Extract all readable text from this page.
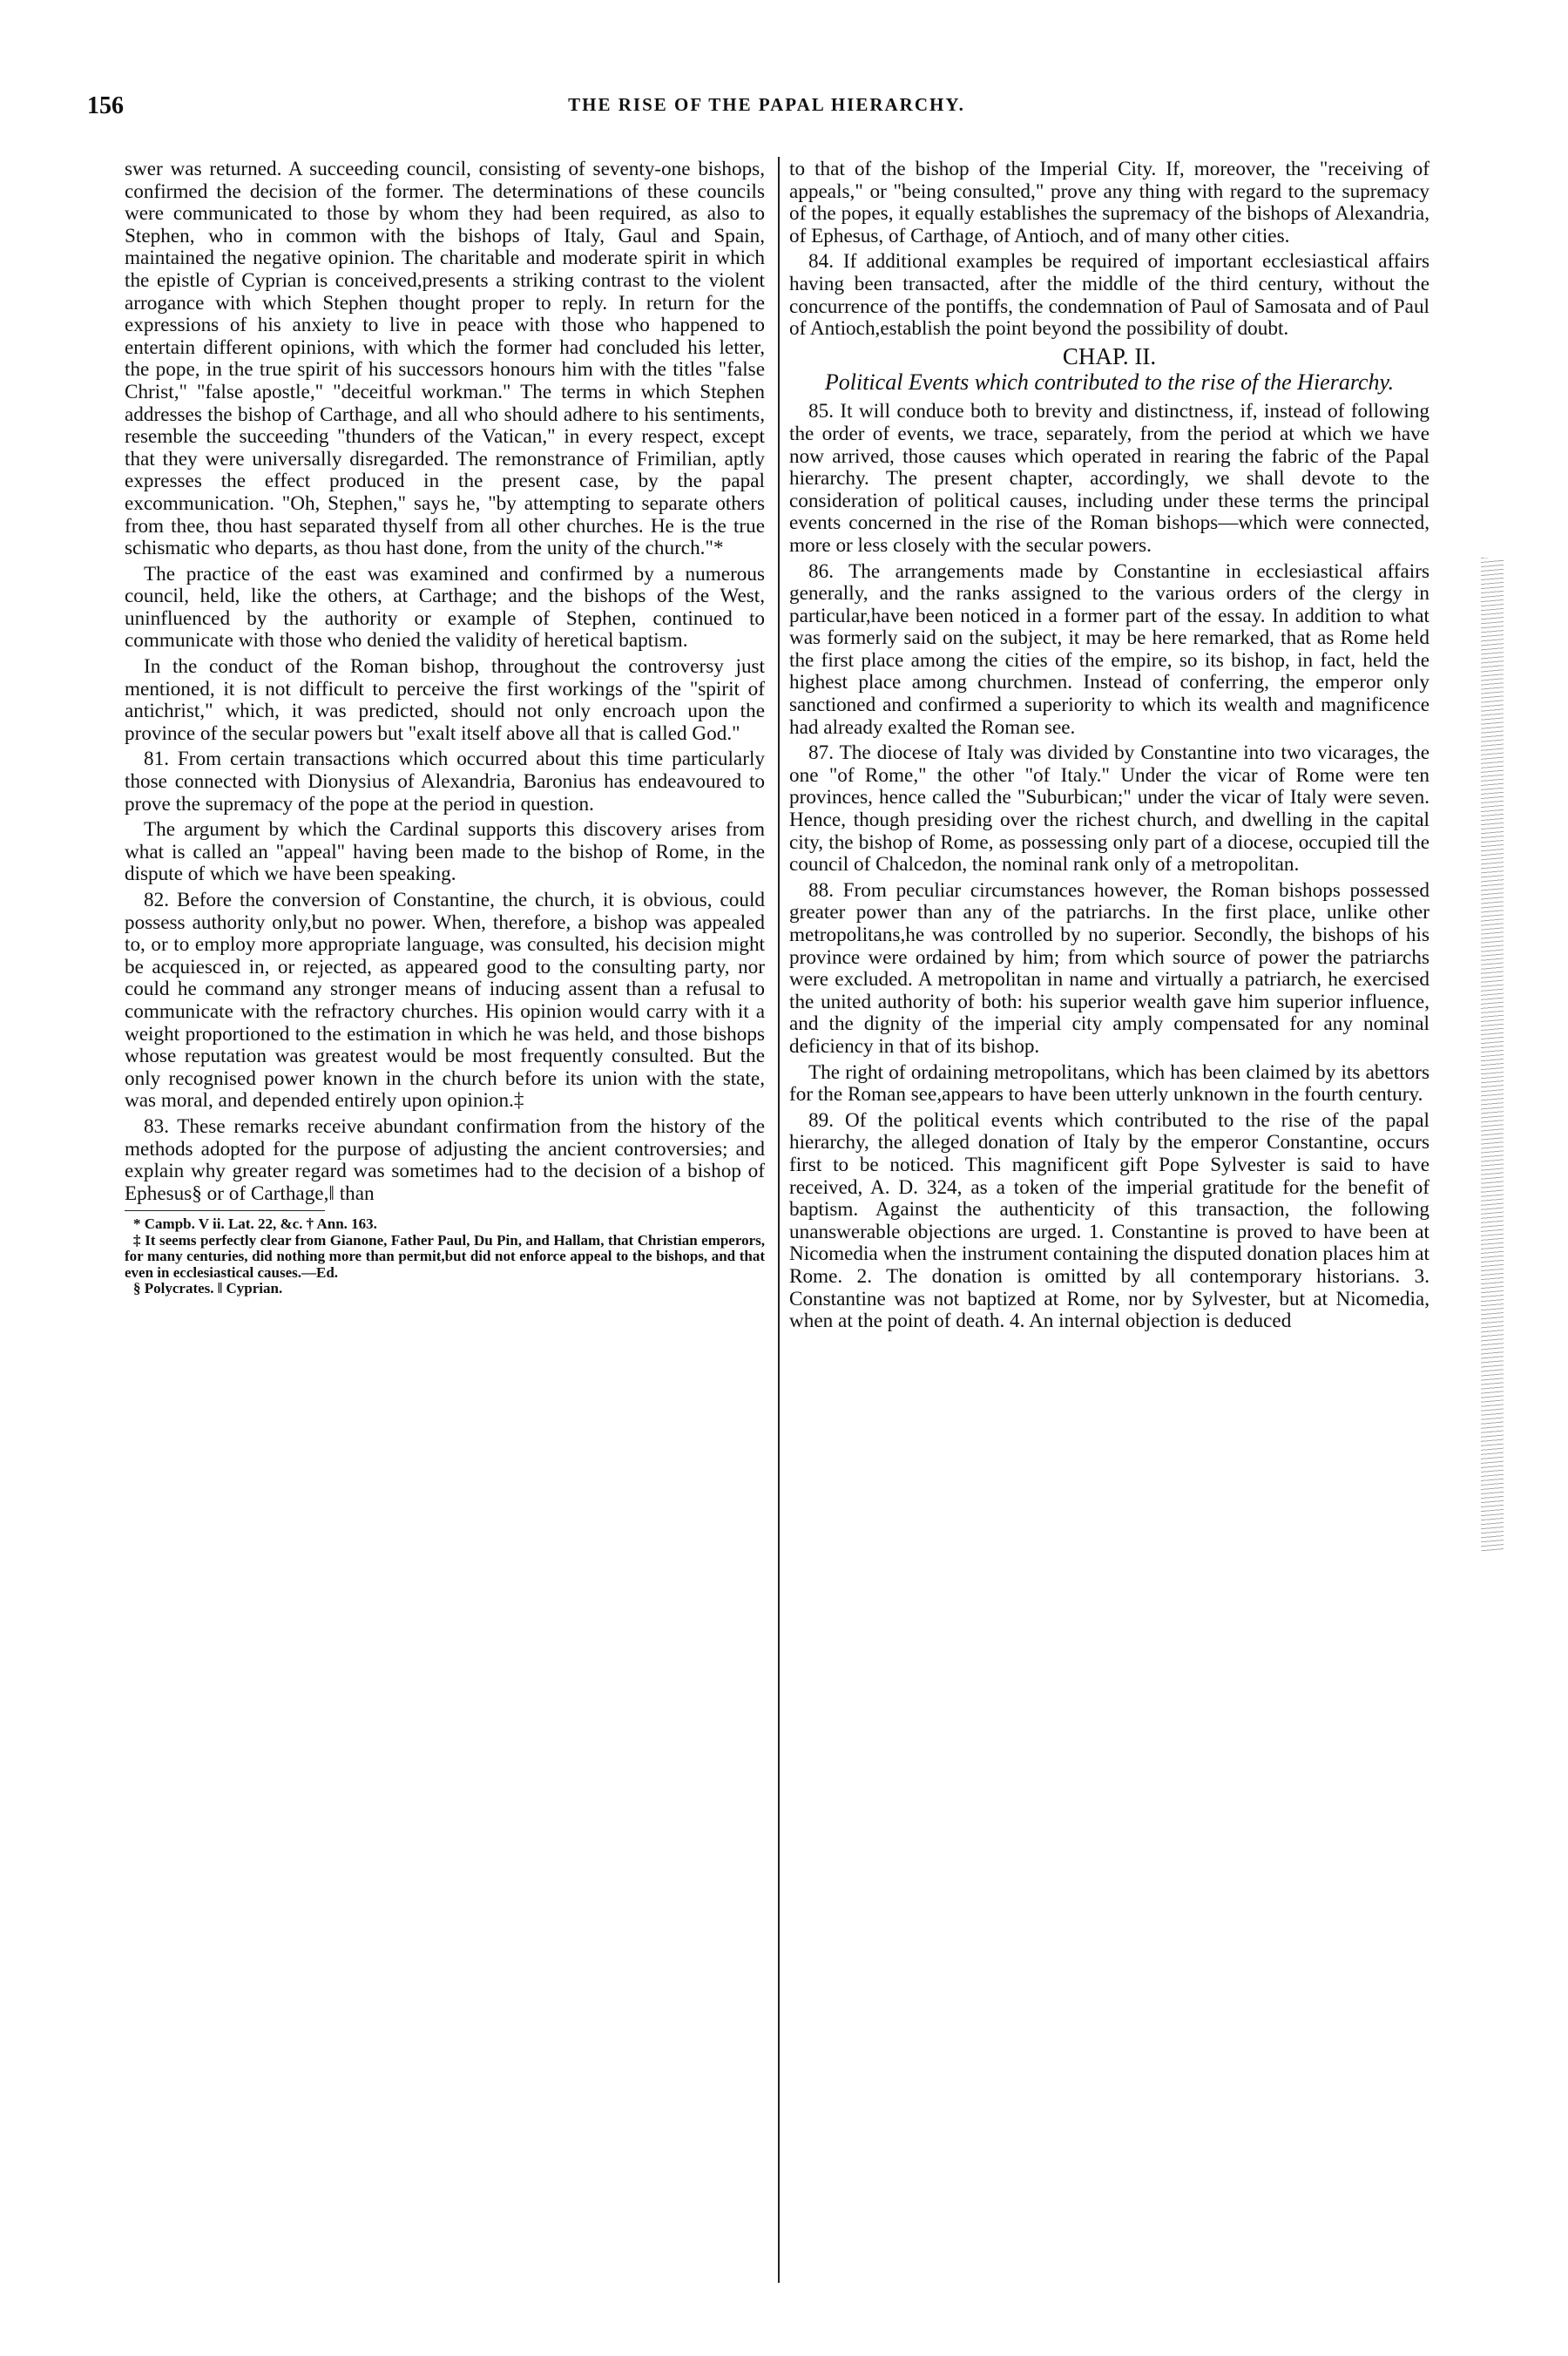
156	THE RISE OF THE PAPAL HIERARCHY.

swer was returned. A succeeding council, consisting of seventy-one bishops, confirmed the decision of the former. The determinations of these councils were communicated to those by whom they had been required, as also to Stephen, who in common with the bishops of Italy, Gaul and Spain, maintained the negative opinion. The charitable and moderate spirit in which the epistle of Cyprian is conceived,presents a striking contrast to the violent arrogance with which Stephen thought proper to reply. In return for the expressions of his anxiety to live in peace with those who happened to entertain different opinions, with which the former had concluded his letter, the pope, in the true spirit of his successors honours him with the titles "false Christ," "false apostle," "deceitful workman." The terms in which Stephen addresses the bishop of Carthage, and all who should adhere to his sentiments, resemble the succeeding "thunders of the Vatican," in every respect, except that they were universally disregarded. The remonstrance of Frimilian, aptly expresses the effect produced in the present case, by the papal excommunication. "Oh, Stephen," says he, "by attempting to separate others from thee, thou hast separated thyself from all other churches. He is the true schismatic who departs, as thou hast done, from the unity of the church."*

The practice of the east was examined and confirmed by a numerous council, held, like the others, at Carthage; and the bishops of the West, uninfluenced by the authority or example of Stephen, continued to communicate with those who denied the validity of heretical baptism.

In the conduct of the Roman bishop, throughout the controversy just mentioned, it is not difficult to perceive the first workings of the "spirit of antichrist," which, it was predicted, should not only encroach upon the province of the secular powers but "exalt itself above all that is called God."

81. From certain transactions which occurred about this time particularly those connected with Dionysius of Alexandria, Baronius has endeavoured to prove the supremacy of the pope at the period in question.

The argument by which the Cardinal supports this discovery arises from what is called an "appeal" having been made to the bishop of Rome, in the dispute of which we have been speaking.

82. Before the conversion of Constantine, the church, it is obvious, could possess authority only,but no power. When, therefore, a bishop was appealed to, or to employ more appropriate language, was consulted, his decision might be acquiesced in, or rejected, as appeared good to the consulting party, nor could he command any stronger means of inducing assent than a refusal to communicate with the refractory churches. His opinion would carry with it a weight proportioned to the estimation in which he was held, and those bishops whose reputation was greatest would be most frequently consulted. But the only recognised power known in the church before its union with the state, was moral, and depended entirely upon opinion.‡

83. These remarks receive abundant confirmation from the history of the methods adopted for the purpose of adjusting the ancient controversies; and explain why greater regard was sometimes had to the decision of a bishop of Ephesus§ or of Carthage,‖ than

* Campb. V ii. Lat. 22, &c. † Ann. 163.

‡ It seems perfectly clear from Gianone, Father Paul, Du Pin, and Hallam, that Christian emperors, for many centuries, did nothing more than permit,but did not enforce appeal to the bishops, and that even in ecclesiastical causes.—Ed.

§ Polycrates. ‖ Cyprian.

to that of the bishop of the Imperial City. If, moreover, the "receiving of appeals," or "being consulted," prove any thing with regard to the supremacy of the popes, it equally establishes the supremacy of the bishops of Alexandria, of Ephesus, of Carthage, of Antioch, and of many other cities.

84. If additional examples be required of important ecclesiastical affairs having been transacted, after the middle of the third century, without the concurrence of the pontiffs, the condemnation of Paul of Samosata and of Paul of Antioch,establish the point beyond the possibility of doubt.

CHAP. II.
Political Events which contributed to the rise of the Hierarchy.

85. It will conduce both to brevity and distinctness, if, instead of following the order of events, we trace, separately, from the period at which we have now arrived, those causes which operated in rearing the fabric of the Papal hierarchy. The present chapter, accordingly, we shall devote to the consideration of political causes, including under these terms the principal events concerned in the rise of the Roman bishops—which were connected, more or less closely with the secular powers.

86. The arrangements made by Constantine in ecclesiastical affairs generally, and the ranks assigned to the various orders of the clergy in particular,have been noticed in a former part of the essay. In addition to what was formerly said on the subject, it may be here remarked, that as Rome held the first place among the cities of the empire, so its bishop, in fact, held the highest place among churchmen. Instead of conferring, the emperor only sanctioned and confirmed a superiority to which its wealth and magnificence had already exalted the Roman see.

87. The diocese of Italy was divided by Constantine into two vicarages, the one "of Rome," the other "of Italy." Under the vicar of Rome were ten provinces, hence called the "Suburbican;" under the vicar of Italy were seven. Hence, though presiding over the richest church, and dwelling in the capital city, the bishop of Rome, as possessing only part of a diocese, occupied till the council of Chalcedon, the nominal rank only of a metropolitan.

88. From peculiar circumstances however, the Roman bishops possessed greater power than any of the patriarchs. In the first place, unlike other metropolitans,he was controlled by no superior. Secondly, the bishops of his province were ordained by him; from which source of power the patriarchs were excluded. A metropolitan in name and virtually a patriarch, he exercised the united authority of both: his superior wealth gave him superior influence, and the dignity of the imperial city amply compensated for any nominal deficiency in that of its bishop.

The right of ordaining metropolitans, which has been claimed by its abettors for the Roman see,appears to have been utterly unknown in the fourth century.

89. Of the political events which contributed to the rise of the papal hierarchy, the alleged donation of Italy by the emperor Constantine, occurs first to be noticed. This magnificent gift Pope Sylvester is said to have received, A. D. 324, as a token of the imperial gratitude for the benefit of baptism. Against the authenticity of this transaction, the following unanswerable objections are urged. 1. Constantine is proved to have been at Nicomedia when the instrument containing the disputed donation places him at Rome. 2. The donation is omitted by all contemporary historians. 3. Constantine was not baptized at Rome, nor by Sylvester, but at Nicomedia, when at the point of death. 4. An internal objection is deduced
